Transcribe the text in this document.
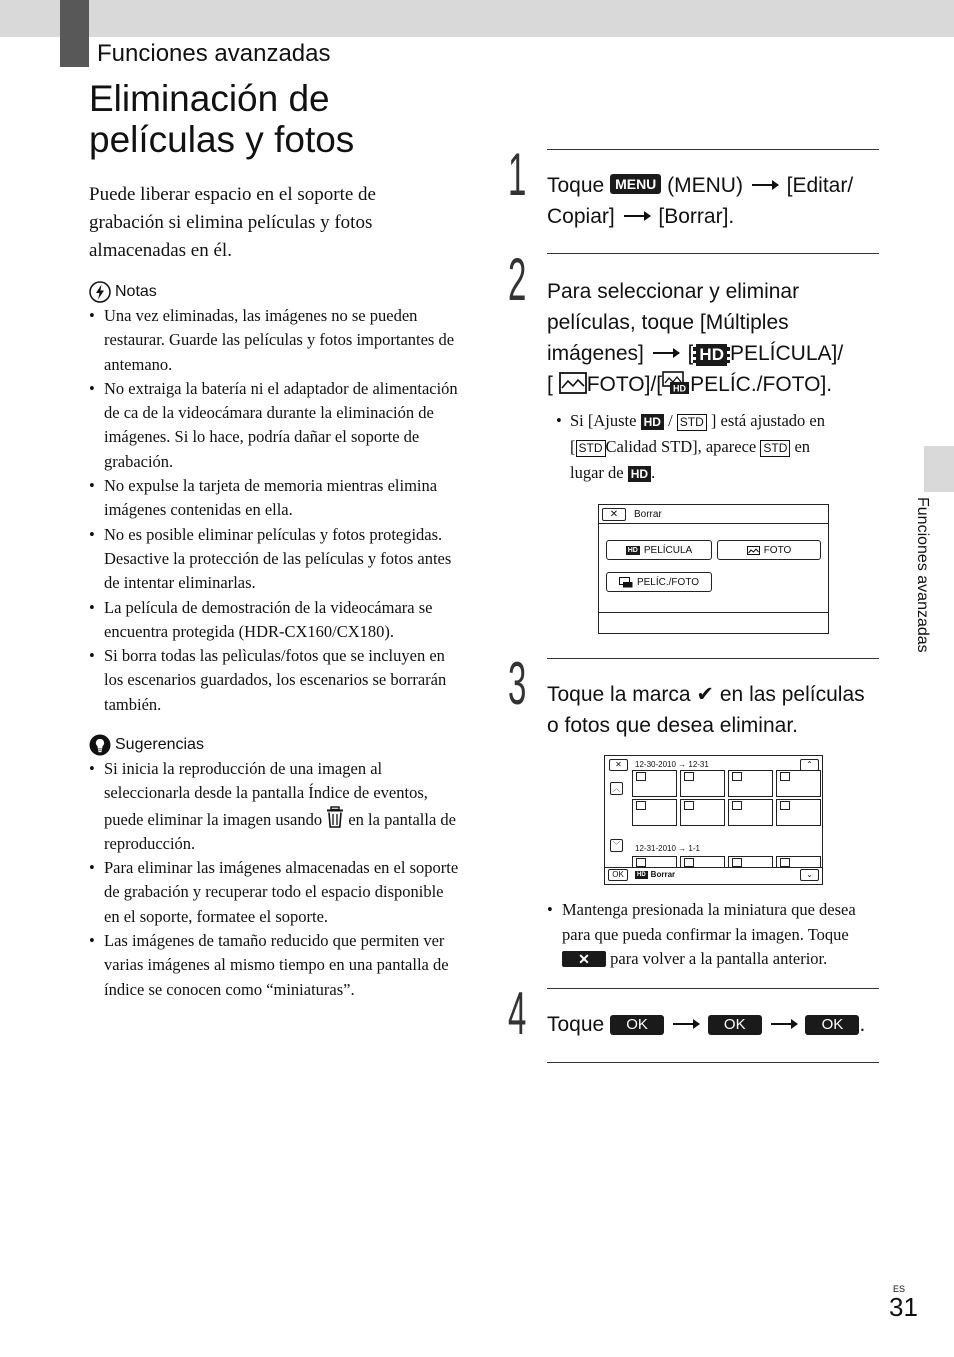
Funciones avanzadas
Eliminación de
películas y fotos

Puede liberar espacio en el soporte de grabación si elimina películas y fotos almacenadas en él.

Notas
• Una vez eliminadas, las imágenes no se pueden restaurar. Guarde las películas y fotos importantes de antemano.
• No extraiga la batería ni el adaptador de alimentación de ca de la videocámara durante la eliminación de imágenes. Si lo hace, podría dañar el soporte de grabación.
• No expulse la tarjeta de memoria mientras elimina imágenes contenidas en ella.
• No es posible eliminar películas y fotos protegidas. Desactive la protección de las películas y fotos antes de intentar eliminarlas.
• La película de demostración de la videocámara se encuentra protegida (HDR-CX160/CX180).
• Si borra todas las pelìculas/fotos que se incluyen en los escenarios guardados, los escenarios se borrarán también.
Sugerencias
• Si inicia la reproducción de una imagen al seleccionarla desde la pantalla Índice de eventos, puede eliminar la imagen usando en la pantalla de reproducción.
• Para eliminar las imágenes almacenadas en el soporte de grabación y recuperar todo el espacio disponible en el soporte, formatee el soporte.
• Las imágenes de tamaño reducido que permiten ver varias imágenes al mismo tiempo en una pantalla de índice se conocen como “miniaturas”.
Funciones avanzadas
1 Toque MENU (MENU) [Editar/
Copiar] [Borrar].
2 Para seleccionar y eliminar
películas, toque [Múltiples
imágenes] [ HD PELÍCULA]/
[ FOTO]/[ HD PELÍC./FOTO].
• Si [Ajuste HD / STD ] está ajustado en
[ STD Calidad STD], aparece STD en
lugar de HD .
✕	Borrar
HD PELÍCULA	FOTO
PELÍC./FOTO
3 Toque la marca ✔ en las películas
o fotos que desea eliminar.
✕	12-30-2010 → 12-31	⌃
︿
﹀	12-31-2010 → 1-1
OK	HD Borrar	⌄
• Mantenga presionada la miniatura que desea para que pueda confirmar la imagen. Toque
✕ para volver a la pantalla anterior.
4 Toque OK	OK	OK .
ES
31
